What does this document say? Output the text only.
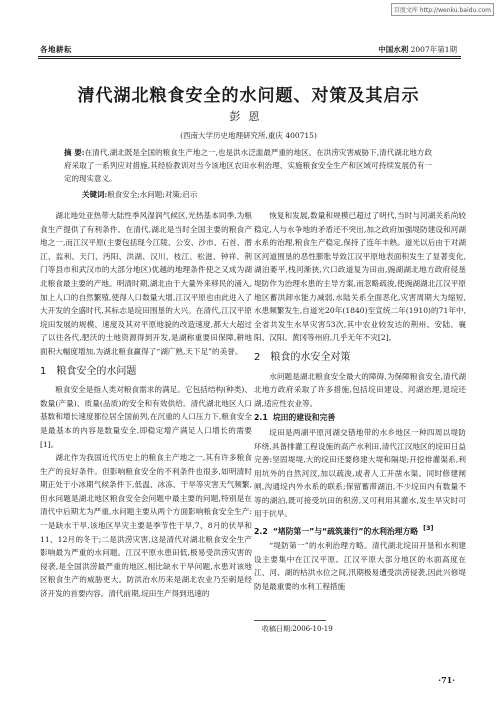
百度文库 http://wenku.baidu.com
各地耕耘	中国水利 2007年第1期
清代湖北粮食安全的水问题、对策及其启示
彭恩
(西南大学历史地理研究所,重庆 400715)
摘 要:在清代,湖北既是全国的粮食生产地之一,也是洪水泛滥最严重的地区。在洪涝灾害威胁下,清代湖北地方政府采取了一系列应对措施,其经验教训对当今该地区农田水利治理、实施粮食安全生产和区域可持续发展仍有一定的现实意义。
关键词:粮食安全;水问题;对策;启示

湖北地处亚热带大陆性季风湿润气候区,光热基本同季,为粮食生产提供了有利条件。在清代,湖北是当时全国主要的粮食产地之一,而江汉平原(主要包括现今江陵、公安、沙市、石首、潜江、监利、天门、沔阳、洪湖、汉川、枝江、松滋、钟祥、荆门等县市和武汉市的大部分地区)优越的地理条件使之又成为湖北粮食最主要的产地。明清时期,湖北由于大量外来移民的涌入,加上人口的自然繁殖,使得人口数量大增,江汉平原也由此进入了大开发的全盛时代,其标志是垸田围垦的大兴。在清代,江汉平原垸田发展的规模、速度及其对平原地貌的改造速度,都大大超过了以往各代,肥沃的土地资源得到开发,是湖称重要田保障,耕地面积大幅度增加,为湖北粮食赢得了“湖广熟,天下足”的美誉。

1 粮食安全的水问题

粮食安全是指人类对粮食需求的满足。它包括结构(种类)、数量(产量)、质量(品质)的安全和有效供给。清代湖北地区人口基数和增长速度都位居全国前列,在沉重的人口压力下,粮食安全是最基本的内容是数量安全,即稳定增产满足人口增长的需要[1]。

湖北作为我国近代历史上的粮食主产地之一,其有许多粮食生产的良好条件。但影响粮食安全的不利条件也很多,如明清时期正处于小冰期气候条件下,低温、冰冻、干旱等灾害天气频繁,但水问题是湖北地区粮食安全会问题中最主要的问题,特别是在清代中后期尤为严重,水问题主要从两个方面影响粮食安全生产:一是缺水干旱,该地区旱灾主要是季节性干旱,7、8月的伏旱和11、12月的冬干;二是洪涝灾害,这是清代对湖北粮食安全生产影响最为严重的水问题。江汉平原水患田低,极易受洪涝灾害的侵袭,是全国洪涝最严重的地区,相比缺水干旱问题,水患对该地区粮食生产的威胁更大。防洪治水历来是湖北农业乃至刺是经济开发的首要内容。清代前期,垸田生产得到迅速的

恢复和发展,数量和规模已超过了明代,当时与河湖关系尚较稳定,人与水争地的矛盾还不突出,加之政府加强堤防建设和河湖水系的治理,粮食生产稳定,保持了连年丰熟。道光以后由于对湖区河道围垦的恶性膨胀导致江汉平原地表面积发生了显著变化,湖泊萎平,栈河渐狭,穴口政道复为田亩,豌湖湖北地方政府侵垦堤防作为治理水患的主导方案,而忽略疏浚,使豌湖湖北江汉平原地区蓄洪卸水能力减弱,水陆关系全面恶化,灾害周期大为缩短,水患频繁发生,自道光20年(1840)至宣统二年(1910)的71年中,全省共发生水旱灾害53次,其中农业较发达的荆州、安陆、襄阳、汉阳、黄冈等州府,几乎无年不灾[2]。

2 粮食的水安全对策

水问题是湖北粮食安全最大的障碍,为保障粮食安全,清代湖北地方政府采取了许多措施,包括垸田建设、河湖治理,退垸还湖,适应性农业等。

2.1 垸田的建设和完善

垸田是两湖平原河湖交错地带的水乡地区一种四周以堤防环绕,具备排灌工程设施的高产水利田,清代江汉地区的垸田日益完善:坚固堤堤,大的垸田还要修建大堤和隔堤;开挖排灌渠系,利用坑外的自然河汊,加以疏浚,或者人工开凿水渠。同时修建闸闸,沟通垸内外水系的联系;保留蓄滞湖泊,不少垸田内有数量不等的湖泊,既可接受坑田的积涝,又可利用其灌水,发生旱灾时可用于抗旱。

2.2 “堵防第一”与“疏筑兼行”的水利治理方略 [3]

“堤防第一”的水利治理方略。清代湖北垸田开垦和水利建设主要集中在江汉平原。江汉平原大部分地区的水面高度在江、河、湖的枯洪水位之间,汛期极易遭受洪涝侵袭,因此兴修堤防是最重要的水利工程措施

收稿日期:2006-10-19
·71·
